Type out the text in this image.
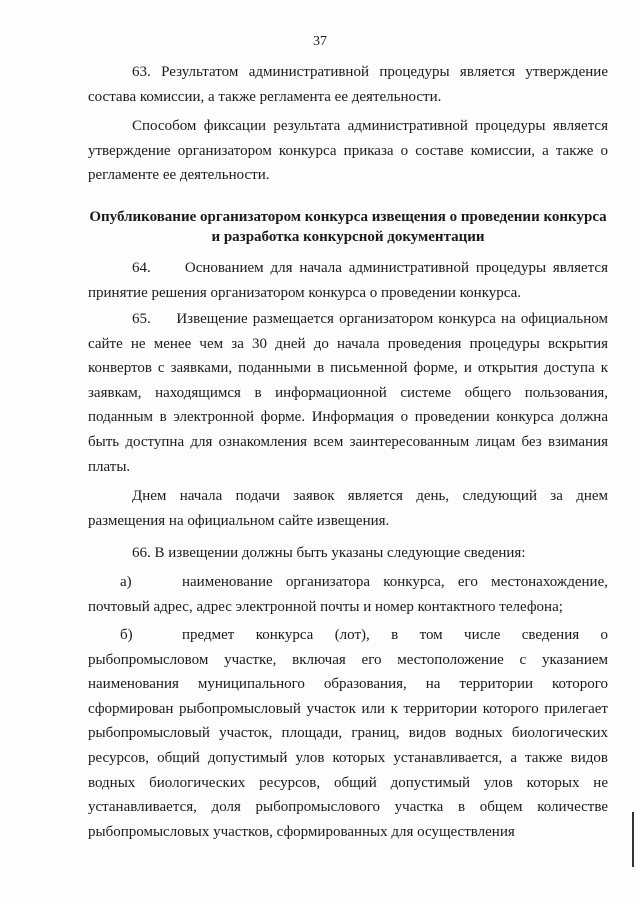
37
63. Результатом административной процедуры является утверждение состава комиссии, а также регламента ее деятельности.
Способом фиксации результата административной процедуры является утверждение организатором конкурса приказа о составе комиссии, а также о регламенте ее деятельности.
Опубликование организатором конкурса извещения о проведении конкурса и разработка конкурсной документации
64. Основанием для начала административной процедуры является принятие решения организатором конкурса о проведении конкурса.
65. Извещение размещается организатором конкурса на официальном сайте не менее чем за 30 дней до начала проведения процедуры вскрытия конвертов с заявками, поданными в письменной форме, и открытия доступа к заявкам, находящимся в информационной системе общего пользования, поданным в электронной форме. Информация о проведении конкурса должна быть доступна для ознакомления всем заинтересованным лицам без взимания платы.
Днем начала подачи заявок является день, следующий за днем размещения на официальном сайте извещения.
66. В извещении должны быть указаны следующие сведения:
а)	наименование организатора конкурса, его местонахождение, почтовый адрес, адрес электронной почты и номер контактного телефона;
б)	предмет конкурса (лот), в том числе сведения о рыбопромысловом участке, включая его местоположение с указанием наименования муниципального образования, на территории которого сформирован рыбопромысловый участок или к территории которого прилегает рыбопромысловый участок, площади, границ, видов водных биологических ресурсов, общий допустимый улов которых устанавливается, а также видов водных биологических ресурсов, общий допустимый улов которых не устанавливается, доля рыбопромыслового участка в общем количестве рыбопромысловых участков, сформированных для осуществления
